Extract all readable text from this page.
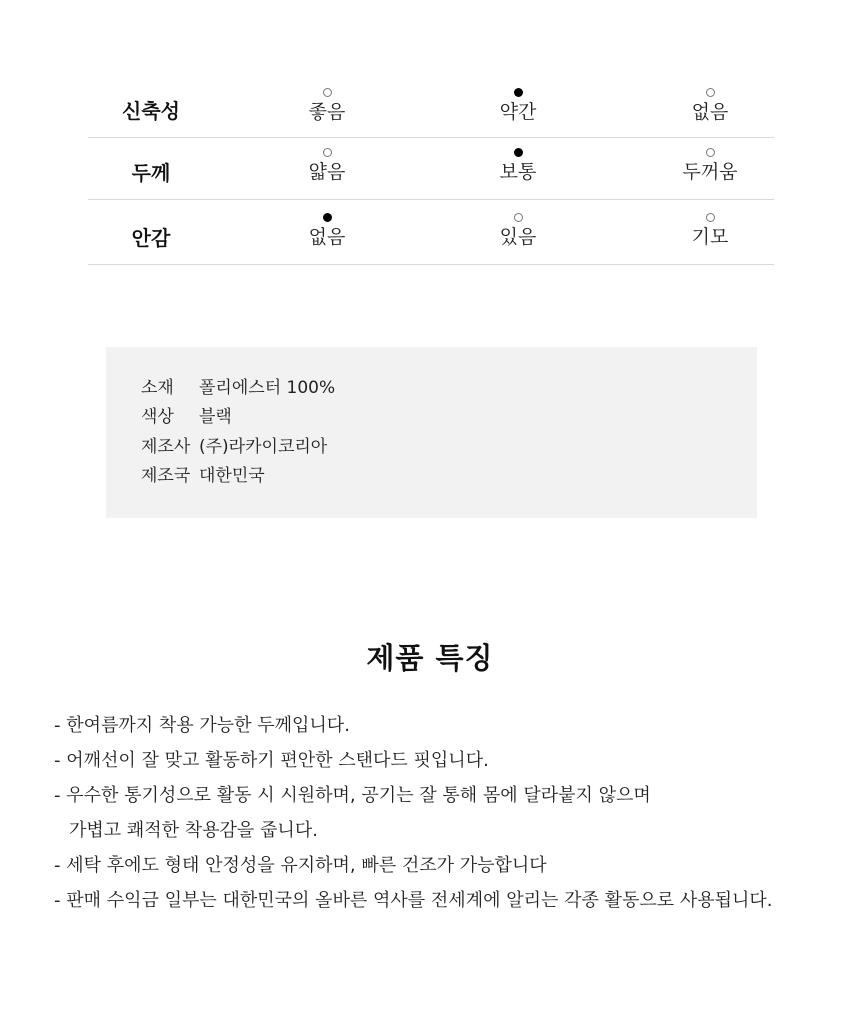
신축성	좋음	약간	없음
두께	얇음	보통	두꺼움
안감	없음	있음	기모
소재 폴리에스터 100%
색상 블랙
제조사 (주)라카이코리아
제조국 대한민국
제품 특징
- 한여름까지 착용 가능한 두께입니다.
- 어깨선이 잘 맞고 활동하기 편안한 스탠다드 핏입니다.
- 우수한 통기성으로 활동 시 시원하며, 공기는 잘 통해 몸에 달라붙지 않으며
가볍고 쾌적한 착용감을 줍니다.
- 세탁 후에도 형태 안정성을 유지하며, 빠른 건조가 가능합니다
- 판매 수익금 일부는 대한민국의 올바른 역사를 전세계에 알리는 각종 활동으로 사용됩니다.
